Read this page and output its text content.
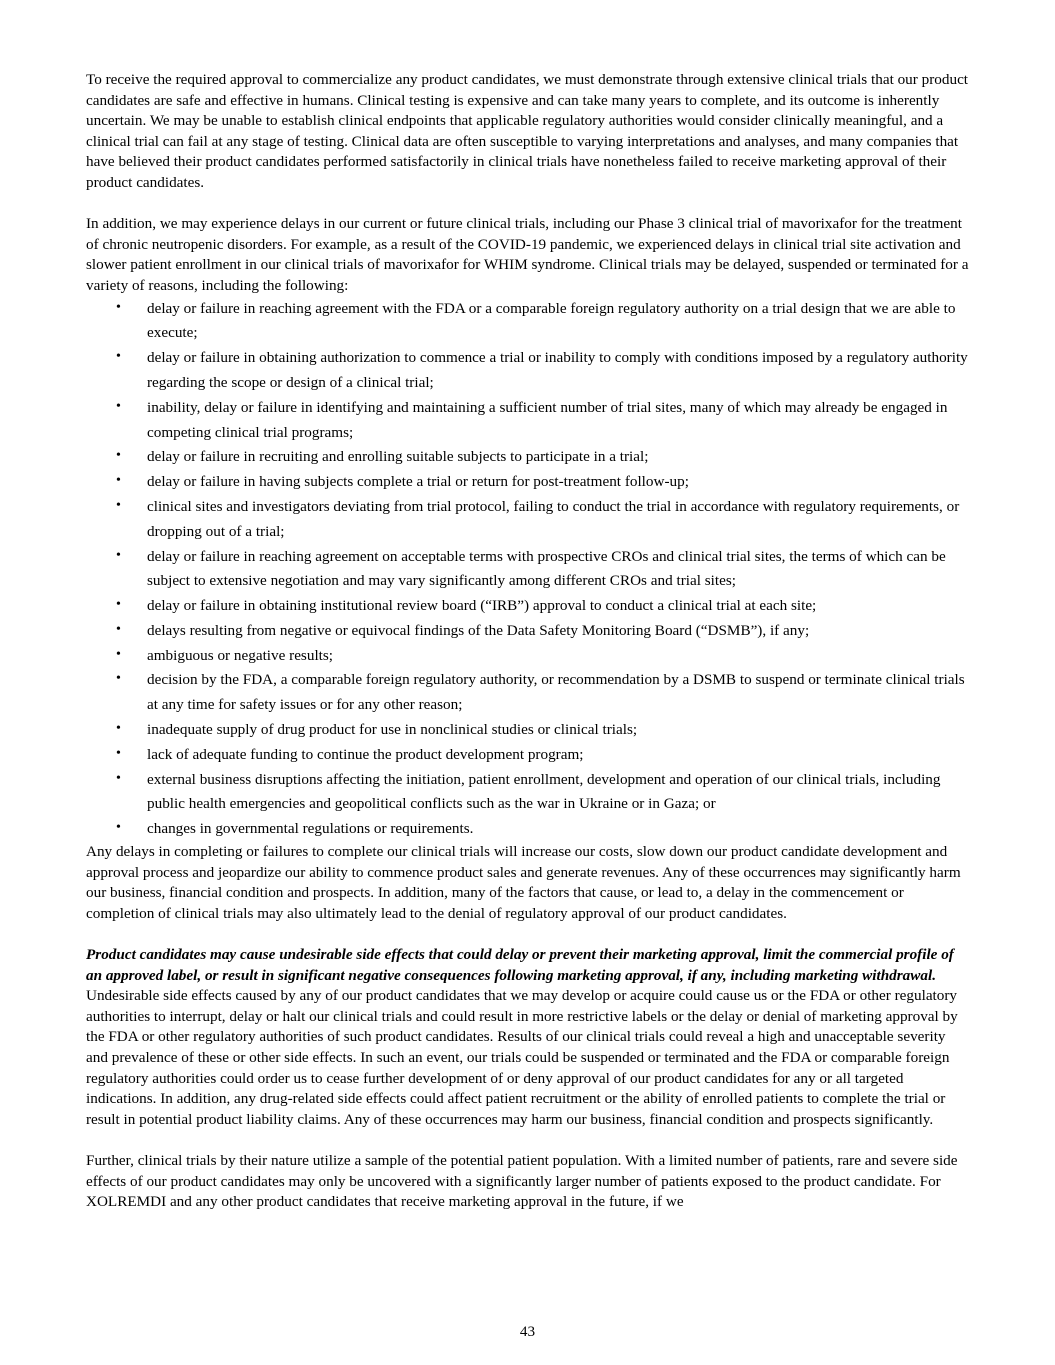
To receive the required approval to commercialize any product candidates, we must demonstrate through extensive clinical trials that our product candidates are safe and effective in humans. Clinical testing is expensive and can take many years to complete, and its outcome is inherently uncertain. We may be unable to establish clinical endpoints that applicable regulatory authorities would consider clinically meaningful, and a clinical trial can fail at any stage of testing. Clinical data are often susceptible to varying interpretations and analyses, and many companies that have believed their product candidates performed satisfactorily in clinical trials have nonetheless failed to receive marketing approval of their product candidates.

In addition, we may experience delays in our current or future clinical trials, including our Phase 3 clinical trial of mavorixafor for the treatment of chronic neutropenic disorders. For example, as a result of the COVID-19 pandemic, we experienced delays in clinical trial site activation and slower patient enrollment in our clinical trials of mavorixafor for WHIM syndrome. Clinical trials may be delayed, suspended or terminated for a variety of reasons, including the following:

• delay or failure in reaching agreement with the FDA or a comparable foreign regulatory authority on a trial design that we are able to execute;
• delay or failure in obtaining authorization to commence a trial or inability to comply with conditions imposed by a regulatory authority regarding the scope or design of a clinical trial;
• inability, delay or failure in identifying and maintaining a sufficient number of trial sites, many of which may already be engaged in competing clinical trial programs;
• delay or failure in recruiting and enrolling suitable subjects to participate in a trial;
• delay or failure in having subjects complete a trial or return for post-treatment follow-up;
• clinical sites and investigators deviating from trial protocol, failing to conduct the trial in accordance with regulatory requirements, or dropping out of a trial;
• delay or failure in reaching agreement on acceptable terms with prospective CROs and clinical trial sites, the terms of which can be subject to extensive negotiation and may vary significantly among different CROs and trial sites;
• delay or failure in obtaining institutional review board (“IRB”) approval to conduct a clinical trial at each site;
• delays resulting from negative or equivocal findings of the Data Safety Monitoring Board (“DSMB”), if any;
• ambiguous or negative results;
• decision by the FDA, a comparable foreign regulatory authority, or recommendation by a DSMB to suspend or terminate clinical trials at any time for safety issues or for any other reason;
• inadequate supply of drug product for use in nonclinical studies or clinical trials;
• lack of adequate funding to continue the product development program;
• external business disruptions affecting the initiation, patient enrollment, development and operation of our clinical trials, including public health emergencies and geopolitical conflicts such as the war in Ukraine or in Gaza; or
• changes in governmental regulations or requirements.

Any delays in completing or failures to complete our clinical trials will increase our costs, slow down our product candidate development and approval process and jeopardize our ability to commence product sales and generate revenues. Any of these occurrences may significantly harm our business, financial condition and prospects. In addition, many of the factors that cause, or lead to, a delay in the commencement or completion of clinical trials may also ultimately lead to the denial of regulatory approval of our product candidates.

Product candidates may cause undesirable side effects that could delay or prevent their marketing approval, limit the commercial profile of an approved label, or result in significant negative consequences following marketing approval, if any, including marketing withdrawal.

Undesirable side effects caused by any of our product candidates that we may develop or acquire could cause us or the FDA or other regulatory authorities to interrupt, delay or halt our clinical trials and could result in more restrictive labels or the delay or denial of marketing approval by the FDA or other regulatory authorities of such product candidates. Results of our clinical trials could reveal a high and unacceptable severity and prevalence of these or other side effects. In such an event, our trials could be suspended or terminated and the FDA or comparable foreign regulatory authorities could order us to cease further development of or deny approval of our product candidates for any or all targeted indications. In addition, any drug-related side effects could affect patient recruitment or the ability of enrolled patients to complete the trial or result in potential product liability claims. Any of these occurrences may harm our business, financial condition and prospects significantly.

Further, clinical trials by their nature utilize a sample of the potential patient population. With a limited number of patients, rare and severe side effects of our product candidates may only be uncovered with a significantly larger number of patients exposed to the product candidate. For XOLREMDI and any other product candidates that receive marketing approval in the future, if we

43
